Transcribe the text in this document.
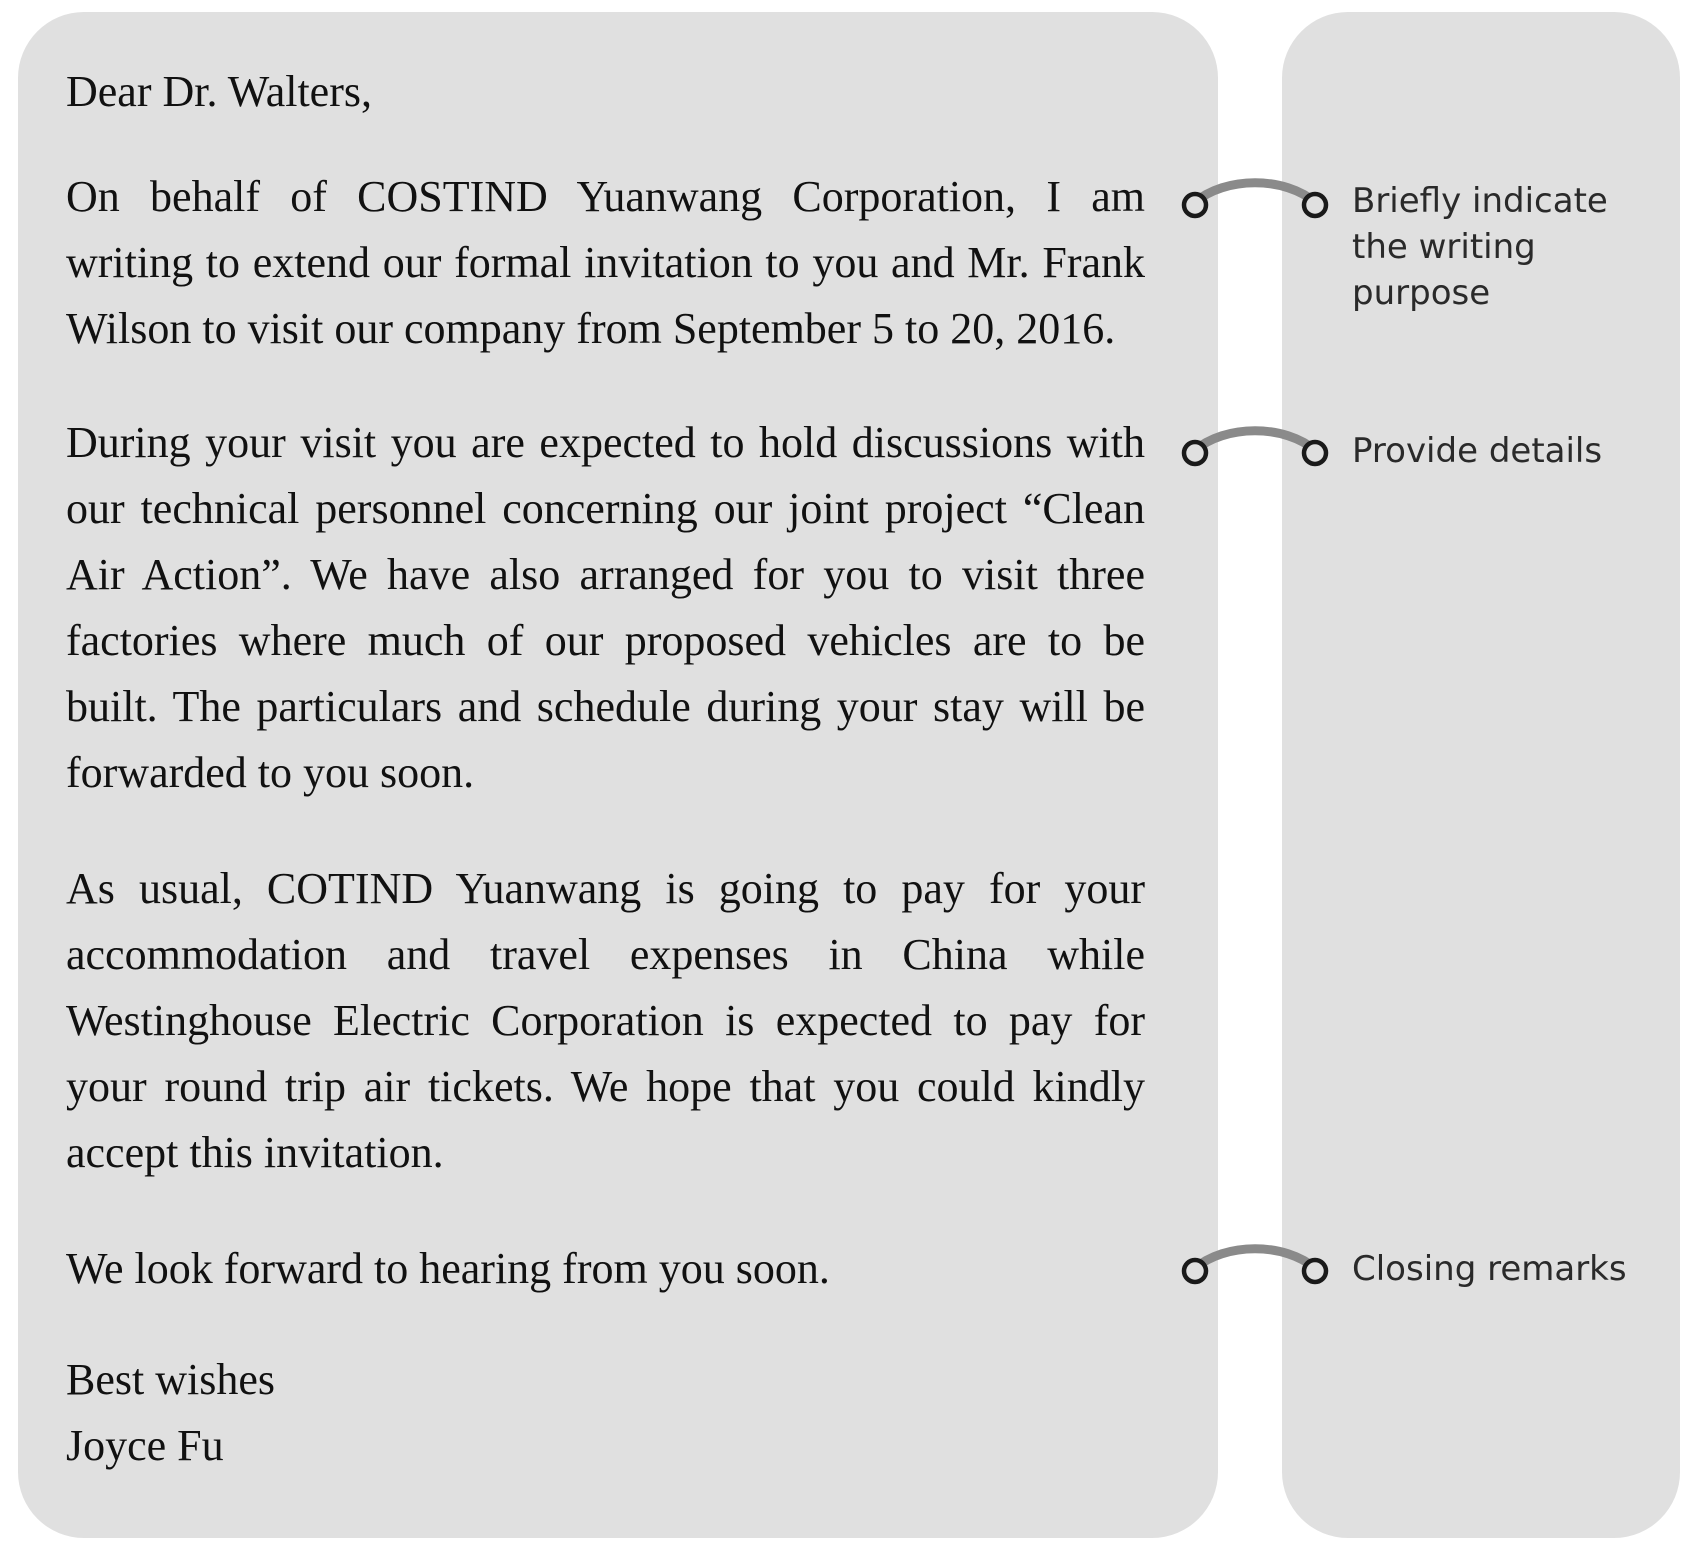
Dear Dr. Walters,

On behalf of COSTIND Yuanwang Corporation, I am writing to extend our formal invitation to you and Mr. Frank Wilson to visit our company from September 5 to 20, 2016.

During your visit you are expected to hold discussions with our technical personnel concerning our joint project “Clean Air Action”. We have also arranged for you to visit three factories where much of our proposed vehicles are to be built. The particulars and schedule during your stay will be forwarded to you soon.

As usual, COTIND Yuanwang is going to pay for your accommodation and travel expenses in China while Westinghouse Electric Corporation is expected to pay for your round trip air tickets. We hope that you could kindly accept this invitation.

We look forward to hearing from you soon.

Best wishes

Joyce Fu

Briefly indicate the writing purpose

Provide details

Closing remarks
